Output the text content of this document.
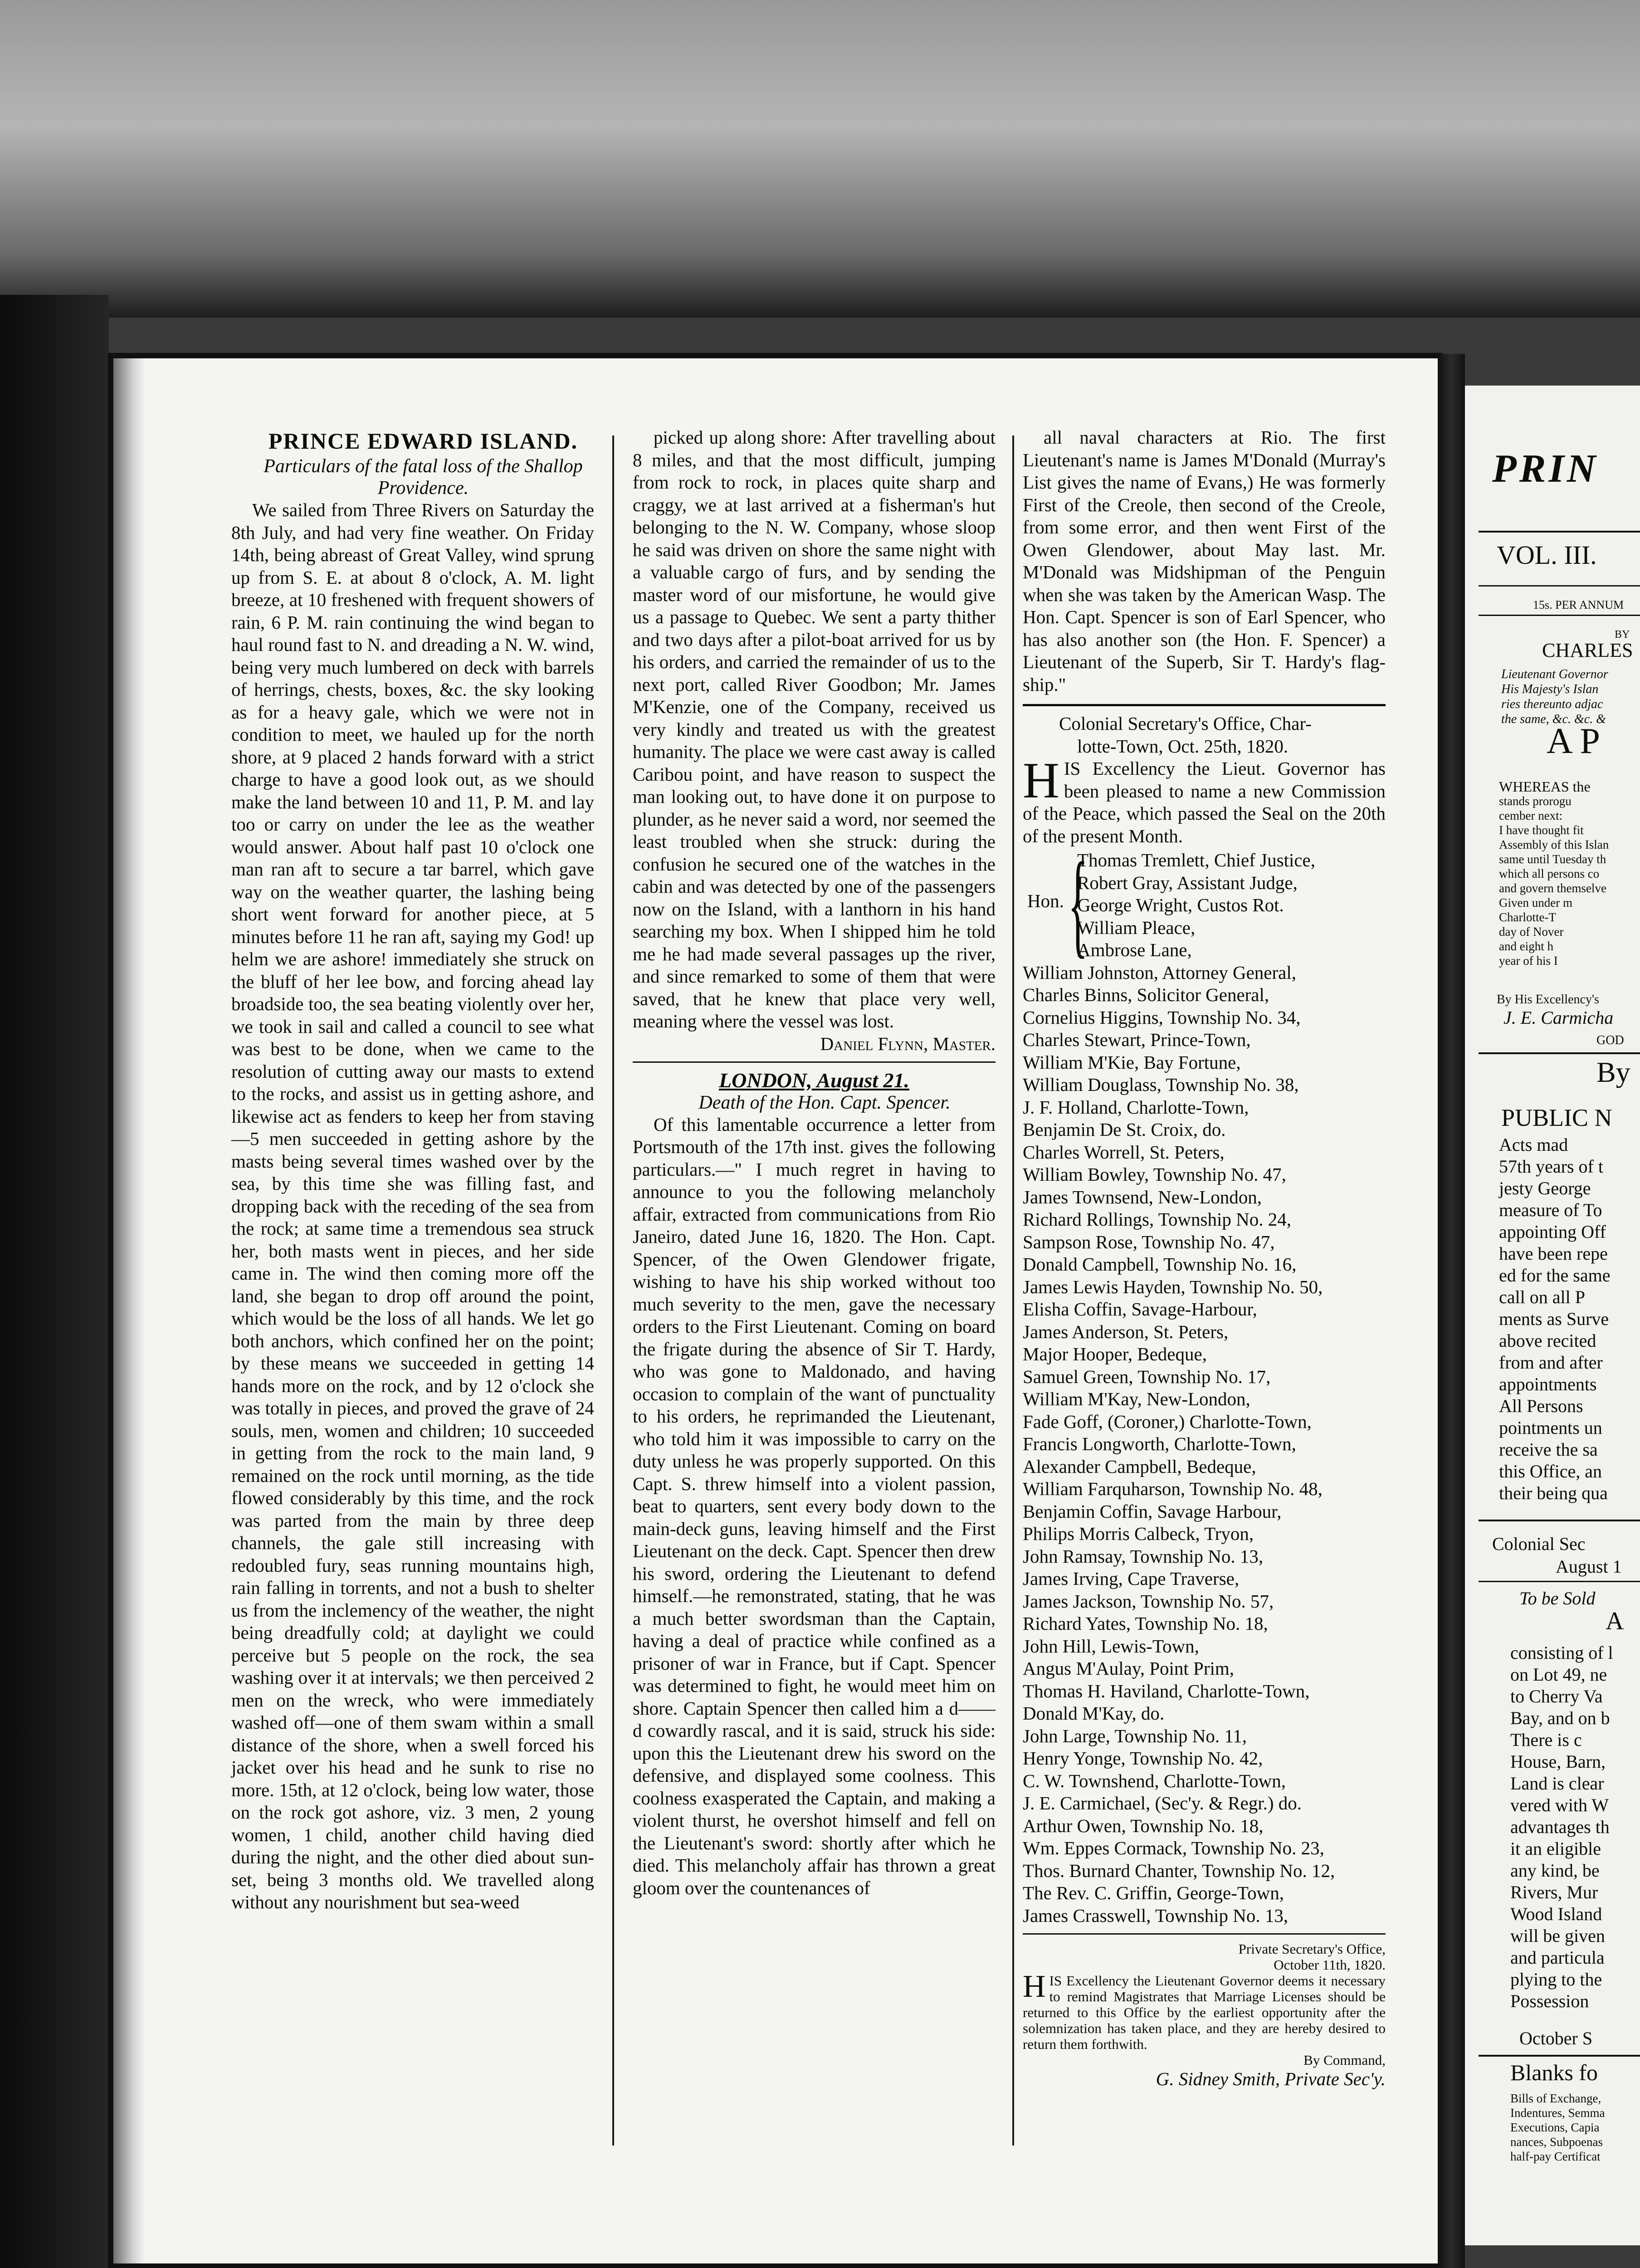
PRINCE EDWARD ISLAND.

Particulars of the fatal loss of the Shallop

Providence.

We sailed from Three Rivers on Saturday the 8th July, and had very fine weather. On Friday 14th, being abreast of Great Valley, wind sprung up from S. E. at about 8 o'clock, A. M. light breeze, at 10 freshened with frequent showers of rain, 6 P. M. rain continuing the wind began to haul round fast to N. and dreading a N. W. wind, being very much lumbered on deck with barrels of herrings, chests, boxes, &c. the sky looking as for a heavy gale, which we were not in condition to meet, we hauled up for the north shore, at 9 placed 2 hands forward with a strict charge to have a good look out, as we should make the land between 10 and 11, P. M. and lay too or carry on under the lee as the weather would answer. About half past 10 o'clock one man ran aft to secure a tar barrel, which gave way on the weather quarter, the lashing being short went forward for another piece, at 5 minutes before 11 he ran aft, saying my God! up helm we are ashore! immediately she struck on the bluff of her lee bow, and forcing ahead lay broadside too, the sea beating violently over her, we took in sail and called a council to see what was best to be done, when we came to the resolution of cutting away our masts to extend to the rocks, and assist us in getting ashore, and likewise act as fenders to keep her from staving—5 men succeeded in getting ashore by the masts being several times washed over by the sea, by this time she was filling fast, and dropping back with the receding of the sea from the rock; at same time a tremendous sea struck her, both masts went in pieces, and her side came in. The wind then coming more off the land, she began to drop off around the point, which would be the loss of all hands. We let go both anchors, which confined her on the point; by these means we succeeded in getting 14 hands more on the rock, and by 12 o'clock she was totally in pieces, and proved the grave of 24 souls, men, women and children; 10 succeeded in getting from the rock to the main land, 9 remained on the rock until morning, as the tide flowed considerably by this time, and the rock was parted from the main by three deep channels, the gale still increasing with redoubled fury, seas running mountains high, rain falling in torrents, and not a bush to shelter us from the inclemency of the weather, the night being dreadfully cold; at daylight we could perceive but 5 people on the rock, the sea washing over it at intervals; we then perceived 2 men on the wreck, who were immediately washed off—one of them swam within a small distance of the shore, when a swell forced his jacket over his head and he sunk to rise no more. 15th, at 12 o'clock, being low water, those on the rock got ashore, viz. 3 men, 2 young women, 1 child, another child having died during the night, and the other died about sun-set, being 3 months old. We travelled along without any nourishment but sea-weed

picked up along shore: After travelling about 8 miles, and that the most difficult, jumping from rock to rock, in places quite sharp and craggy, we at last arrived at a fisherman's hut belonging to the N. W. Company, whose sloop he said was driven on shore the same night with a valuable cargo of furs, and by sending the master word of our misfortune, he would give us a passage to Quebec. We sent a party thither and two days after a pilot-boat arrived for us by his orders, and carried the remainder of us to the next port, called River Goodbon; Mr. James M'Kenzie, one of the Company, received us very kindly and treated us with the greatest humanity. The place we were cast away is called Caribou point, and have reason to suspect the man looking out, to have done it on purpose to plunder, as he never said a word, nor seemed the least troubled when she struck: during the confusion he secured one of the watches in the cabin and was detected by one of the passengers now on the Island, with a lanthorn in his hand searching my box. When I shipped him he told me he had made several passages up the river, and since remarked to some of them that were saved, that he knew that place very well, meaning where the vessel was lost.

Daniel Flynn, Master.

LONDON, August 21.

Death of the Hon. Capt. Spencer.

Of this lamentable occurrence a letter from Portsmouth of the 17th inst. gives the following particulars.—" I much regret in having to announce to you the following melancholy affair, extracted from communications from Rio Janeiro, dated June 16, 1820. The Hon. Capt. Spencer, of the Owen Glendower frigate, wishing to have his ship worked without too much severity to the men, gave the necessary orders to the First Lieutenant. Coming on board the frigate during the absence of Sir T. Hardy, who was gone to Maldonado, and having occasion to complain of the want of punctuality to his orders, he reprimanded the Lieutenant, who told him it was impossible to carry on the duty unless he was properly supported. On this Capt. S. threw himself into a violent passion, beat to quarters, sent every body down to the main-deck guns, leaving himself and the First Lieutenant on the deck. Capt. Spencer then drew his sword, ordering the Lieutenant to defend himself.—he remonstrated, stating, that he was a much better swordsman than the Captain, having a deal of practice while confined as a prisoner of war in France, but if Capt. Spencer was determined to fight, he would meet him on shore. Captain Spencer then called him a d——d cowardly rascal, and it is said, struck his side: upon this the Lieutenant drew his sword on the defensive, and displayed some coolness. This coolness exasperated the Captain, and making a violent thurst, he overshot himself and fell on the Lieutenant's sword: shortly after which he died. This melancholy affair has thrown a great gloom over the countenances of

all naval characters at Rio. The first Lieutenant's name is James M'Donald (Murray's List gives the name of Evans,) He was formerly First of the Creole, then second of the Creole, from some error, and then went First of the Owen Glendower, about May last. Mr. M'Donald was Midshipman of the Penguin when she was taken by the American Wasp. The Hon. Capt. Spencer is son of Earl Spencer, who has also another son (the Hon. F. Spencer) a Lieutenant of the Superb, Sir T. Hardy's flag-ship."

Colonial Secretary's Office, Char-

lotte-Town, Oct. 25th, 1820.

HIS Excellency the Lieut. Governor has been pleased to name a new Commission of the Peace, which passed the Seal on the 20th of the present Month.

Hon. {
Thomas Tremlett, Chief Justice,
Robert Gray, Assistant Judge,
George Wright, Custos Rot.
William Pleace,
Ambrose Lane,
William Johnston, Attorney General,
Charles Binns, Solicitor General,
Cornelius Higgins, Township No. 34,
Charles Stewart, Prince-Town,
William M'Kie, Bay Fortune,
William Douglass, Township No. 38,
J. F. Holland, Charlotte-Town,
Benjamin De St. Croix, do.
Charles Worrell, St. Peters,
William Bowley, Township No. 47,
James Townsend, New-London,
Richard Rollings, Township No. 24,
Sampson Rose, Township No. 47,
Donald Campbell, Township No. 16,
James Lewis Hayden, Township No. 50,
Elisha Coffin, Savage-Harbour,
James Anderson, St. Peters,
Major Hooper, Bedeque,
Samuel Green, Township No. 17,
William M'Kay, New-London,
Fade Goff, (Coroner,) Charlotte-Town,
Francis Longworth, Charlotte-Town,
Alexander Campbell, Bedeque,
William Farquharson, Township No. 48,
Benjamin Coffin, Savage Harbour,
Philips Morris Calbeck, Tryon,
John Ramsay, Township No. 13,
James Irving, Cape Traverse,
James Jackson, Township No. 57,
Richard Yates, Township No. 18,
John Hill, Lewis-Town,
Angus M'Aulay, Point Prim,
Thomas H. Haviland, Charlotte-Town,
Donald M'Kay, do.
John Large, Township No. 11,
Henry Yonge, Township No. 42,
C. W. Townshend, Charlotte-Town,
J. E. Carmichael, (Sec'y. & Regr.) do.
Arthur Owen, Township No. 18,
Wm. Eppes Cormack, Township No. 23,
Thos. Burnard Chanter, Township No. 12,
The Rev. C. Griffin, George-Town,
James Crasswell, Township No. 13,
Private Secretary's Office,
October 11th, 1820.
HIS Excellency the Lieutenant Governor deems it necessary to remind Magistrates that Marriage Licenses should be returned to this Office by the earliest opportunity after the solemnization has taken place, and they are hereby desired to return them forthwith.
By Command,

G. Sidney Smith, Private Sec'y.

PRIN
VOL. III.
15s. PER ANNUM
BY
CHARLES
Lieutenant Governor
His Majesty's Islan
ries thereunto adjac
the same, &c. &c. &
A P
WHEREAS the
stands prorogu
cember next:
I have thought fit
Assembly of this Islan
same until Tuesday th
which all persons co
and govern themselve
Given under m
Charlotte-T
day of Nover
and eight h
year of his I
By His Excellency's
J. E. Carmicha
GOD
By
PUBLIC N
Acts mad
57th years of t
jesty George
measure of To
appointing Off
have been repe
ed for the same
call on all P
ments as Surve
above recited
from and after
appointments
All Persons
pointments un
receive the sa
this Office, an
their being qua
Colonial Sec
August 1
To be Sold
A
consisting of l
on Lot 49, ne
to Cherry Va
Bay, and on b
There is c
House, Barn,
Land is clear
vered with W
advantages th
it an eligible
any kind, be
Rivers, Mur
Wood Island
will be given
and particula
plying to the
Possession
October S
Blanks fo
Bills of Exchange,
Indentures, Semma
Executions, Capia
nances, Subpoenas
half-pay Certificat
